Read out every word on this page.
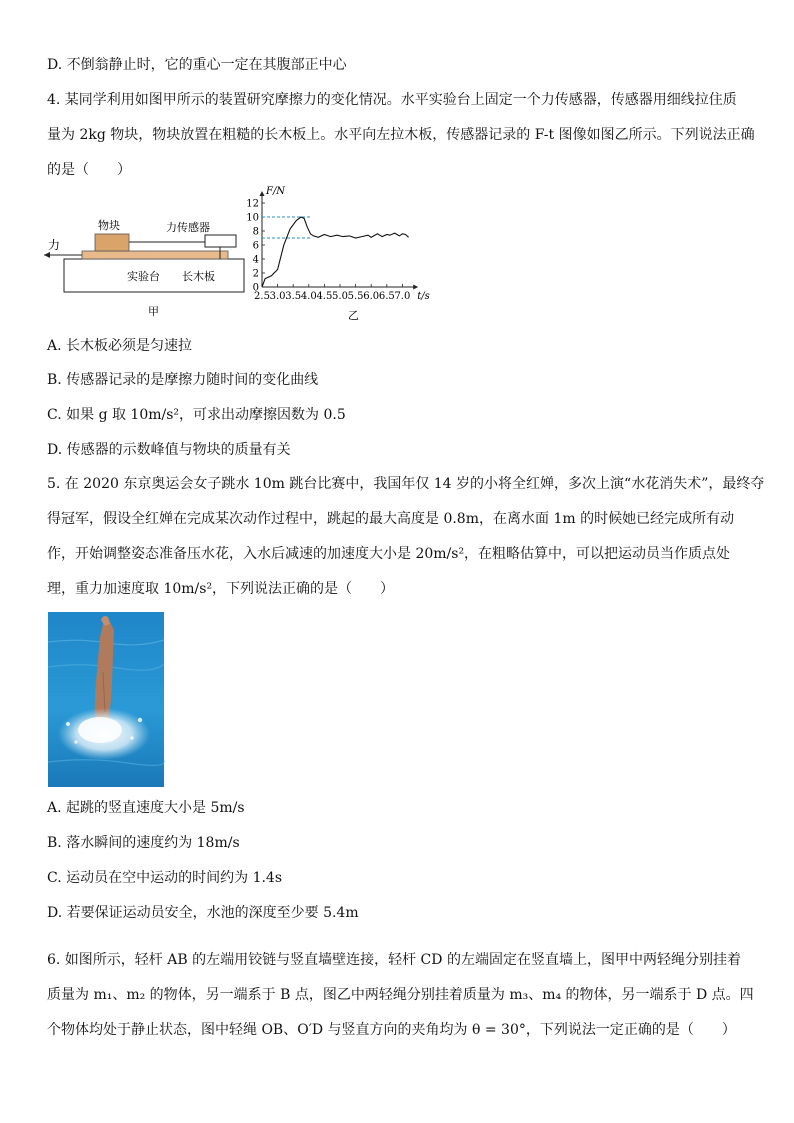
D. 不倒翁静止时，它的重心一定在其腹部正中心
4. 某同学利用如图甲所示的装置研究摩擦力的变化情况。水平实验台上固定一个力传感器，传感器用细线拉住质
量为 2kg 物块，物块放置在粗糙的长木板上。水平向左拉木板，传感器记录的 F-t 图像如图乙所示。下列说法正确
的是（　　）
物块	力传感器
力
实验台 长木板
甲
0
2
4
6
8
10
12
2.5 3.0 3.5 4.0 4.5 5.0 5.5 6.0 6.5 7.0
F/N
t/s
乙
A. 长木板必须是匀速拉
B. 传感器记录的是摩擦力随时间的变化曲线
C. 如果 g 取 10m/s²，可求出动摩擦因数为 0.5
D. 传感器的示数峰值与物块的质量有关
5. 在 2020 东京奥运会女子跳水 10m 跳台比赛中，我国年仅 14 岁的小将全红婵，多次上演“水花消失术”，最终夺
得冠军，假设全红婵在完成某次动作过程中，跳起的最大高度是 0.8m，在离水面 1m 的时候她已经完成所有动
作，开始调整姿态准备压水花，入水后减速的加速度大小是 20m/s²，在粗略估算中，可以把运动员当作质点处
理，重力加速度取 10m/s²，下列说法正确的是（　　）
A. 起跳的竖直速度大小是 5m/s
B. 落水瞬间的速度约为 18m/s
C. 运动员在空中运动的时间约为 1.4s
D. 若要保证运动员安全，水池的深度至少要 5.4m
6. 如图所示，轻杆 AB 的左端用铰链与竖直墙壁连接，轻杆 CD 的左端固定在竖直墙上，图甲中两轻绳分别挂着
质量为 m₁、m₂ 的物体，另一端系于 B 点，图乙中两轻绳分别挂着质量为 m₃、m₄ 的物体，另一端系于 D 点。四
个物体均处于静止状态，图中轻绳 OB、O′D 与竖直方向的夹角均为 θ = 30°，下列说法一定正确的是（　　）
